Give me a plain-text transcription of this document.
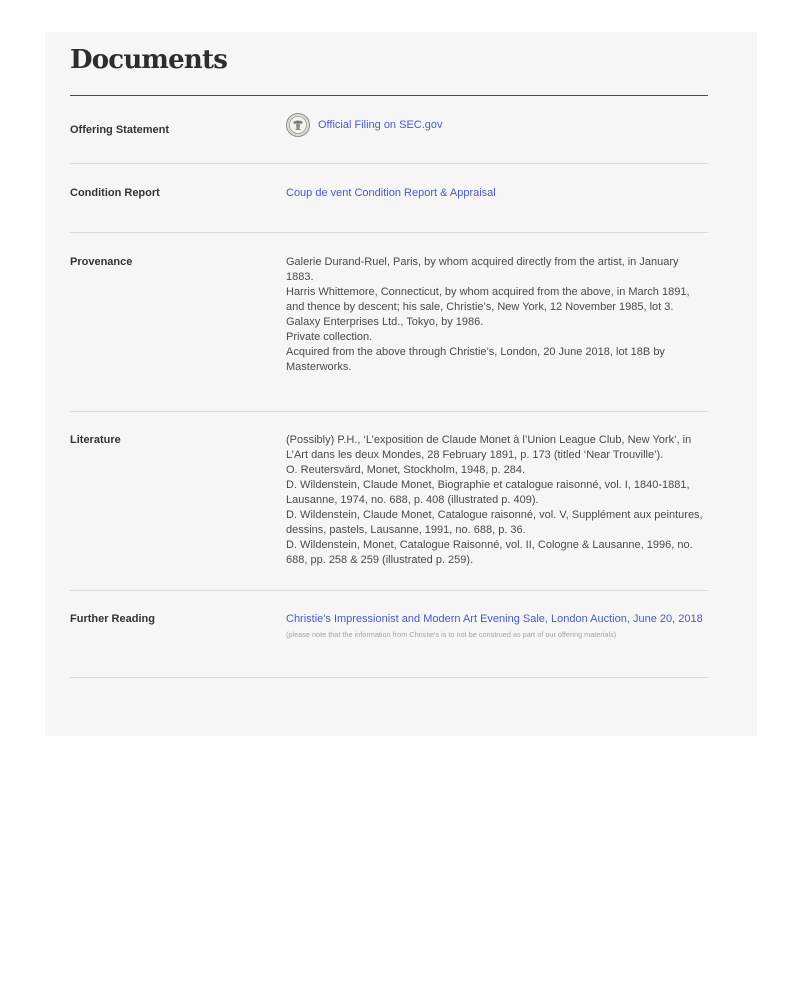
Documents
Offering Statement	Official Filing on SEC.gov
Condition Report	Coup de vent Condition Report & Appraisal
Provenance	Galerie Durand-Ruel, Paris, by whom acquired directly from the artist, in January 1883.
Harris Whittemore, Connecticut, by whom acquired from the above, in March 1891, and thence by descent; his sale, Christie’s, New York, 12 November 1985, lot 3.
Galaxy Enterprises Ltd., Tokyo, by 1986.
Private collection.
Acquired from the above through Christie’s, London, 20 June 2018, lot 18B by Masterworks.
Literature	(Possibly) P.H., ‘L’exposition de Claude Monet à l’Union League Club, New York’, in L’Art dans les deux Mondes, 28 February 1891, p. 173 (titled ‘Near Trouville’).
O. Reutersvärd, Monet, Stockholm, 1948, p. 284.
D. Wildenstein, Claude Monet, Biographie et catalogue raisonné, vol. I, 1840-1881, Lausanne, 1974, no. 688, p. 408 (illustrated p. 409).
D. Wildenstein, Claude Monet, Catalogue raisonné, vol. V, Supplément aux peintures, dessins, pastels, Lausanne, 1991, no. 688, p. 36.
D. Wildenstein, Monet, Catalogue Raisonné, vol. II, Cologne & Lausanne, 1996, no. 688, pp. 258 & 259 (illustrated p. 259).
Further Reading	Christie's Impressionist and Modern Art Evening Sale, London Auction, June 20, 2018
(please note that the information from Christie's is to not be construed as part of our offering materials)
